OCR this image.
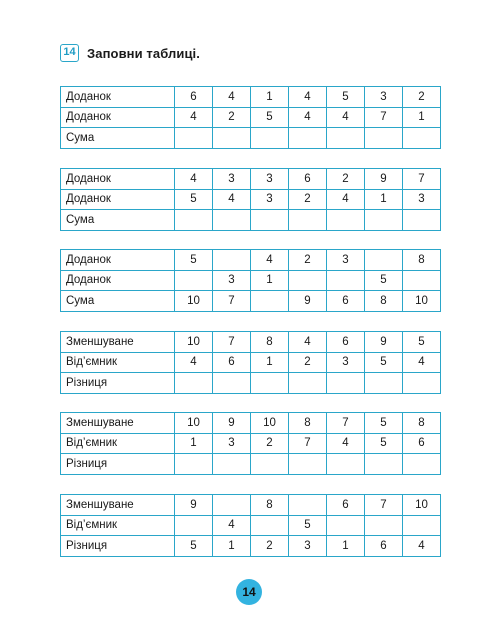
14 Заповни таблиці.
Доданок	6	4	1	4	5	3	2
Доданок	4	2	5	4	4	7	1
Сума							
Доданок	4	3	3	6	2	9	7
Доданок	5	4	3	2	4	1	3
Сума							
Доданок	5		4	2	3		8
Доданок		3	1			5	
Сума	10	7		9	6	8	10
Зменшуване	10	7	8	4	6	9	5
Від’ємник	4	6	1	2	3	5	4
Різниця							
Зменшуване	10	9	10	8	7	5	8
Від’ємник	1	3	2	7	4	5	6
Різниця							
Зменшуване	9		8		6	7	10
Від’ємник		4		5			
Різниця	5	1	2	3	1	6	4
14
